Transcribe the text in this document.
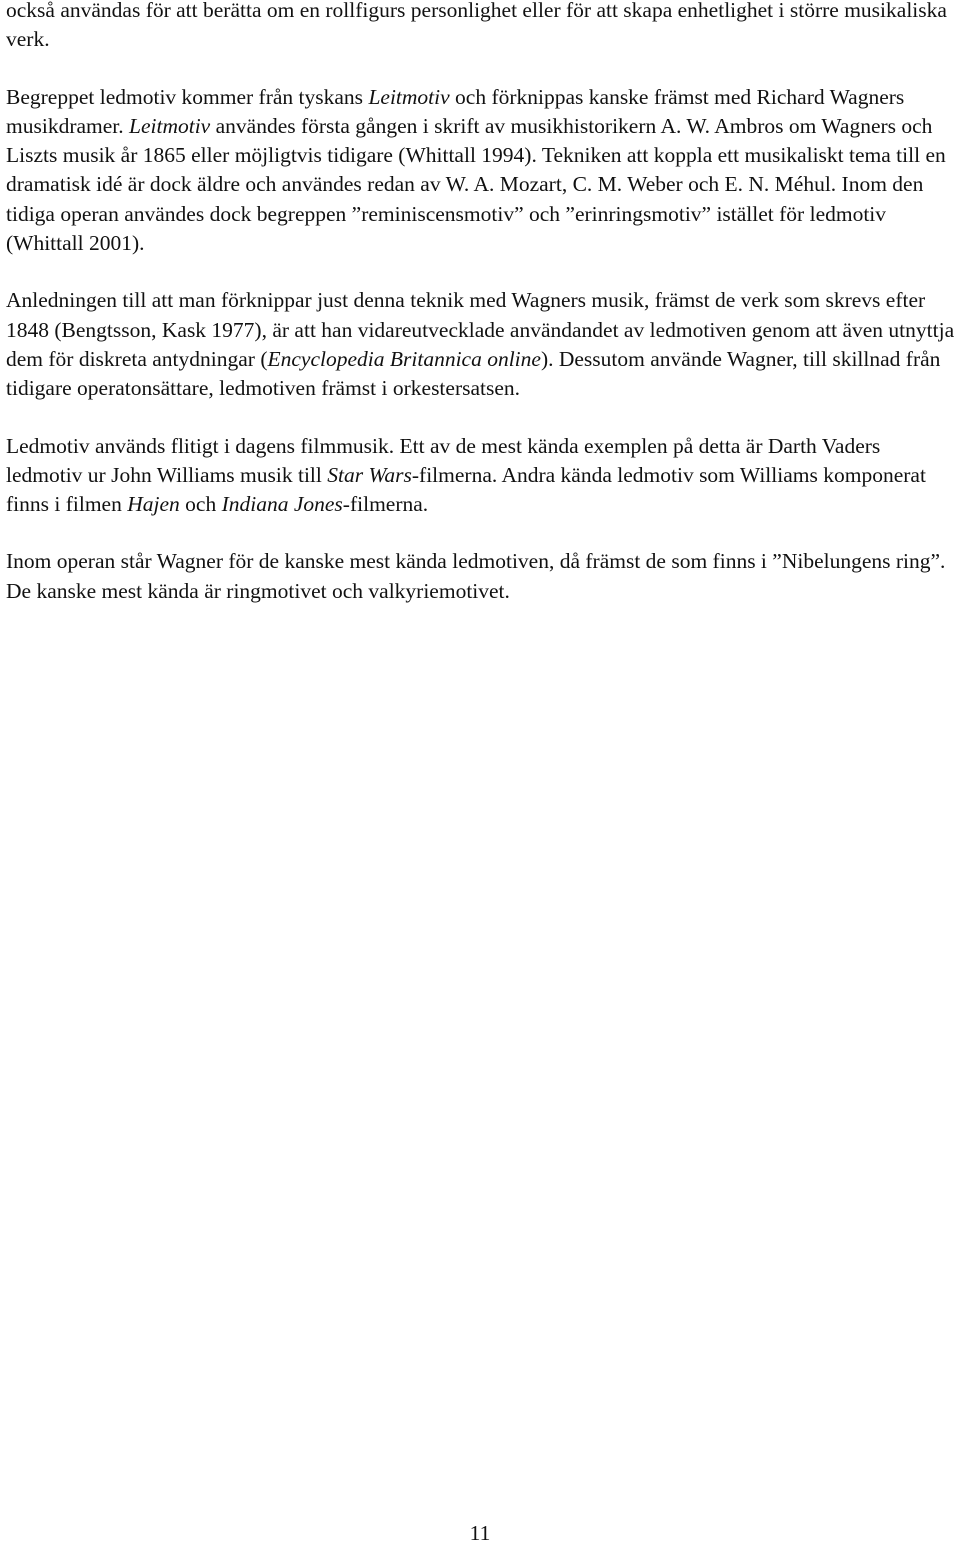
också användas för att berätta om en rollfigurs personlighet eller för att skapa enhetlighet i större musikaliska verk.

Begreppet ledmotiv kommer från tyskans Leitmotiv och förknippas kanske främst med Richard Wagners musikdramer. Leitmotiv användes första gången i skrift av musikhistorikern A. W. Ambros om Wagners och Liszts musik år 1865 eller möjligtvis tidigare (Whittall 1994). Tekniken att koppla ett musikaliskt tema till en dramatisk idé är dock äldre och användes redan av W. A. Mozart, C. M. Weber och E. N. Méhul. Inom den tidiga operan användes dock begreppen ”reminiscensmotiv” och ”erinringsmotiv” istället för ledmotiv (Whittall 2001).

Anledningen till att man förknippar just denna teknik med Wagners musik, främst de verk som skrevs efter 1848 (Bengtsson, Kask 1977), är att han vidareutvecklade användandet av ledmotiven genom att även utnyttja dem för diskreta antydningar (Encyclopedia Britannica online). Dessutom använde Wagner, till skillnad från tidigare operatonsättare, ledmotiven främst i orkestersatsen.

Ledmotiv används flitigt i dagens filmmusik. Ett av de mest kända exemplen på detta är Darth Vaders ledmotiv ur John Williams musik till Star Wars-filmerna. Andra kända ledmotiv som Williams komponerat finns i filmen Hajen och Indiana Jones-filmerna.

Inom operan står Wagner för de kanske mest kända ledmotiven, då främst de som finns i ”Nibelungens ring”. De kanske mest kända är ringmotivet och valkyriemotivet.

11
